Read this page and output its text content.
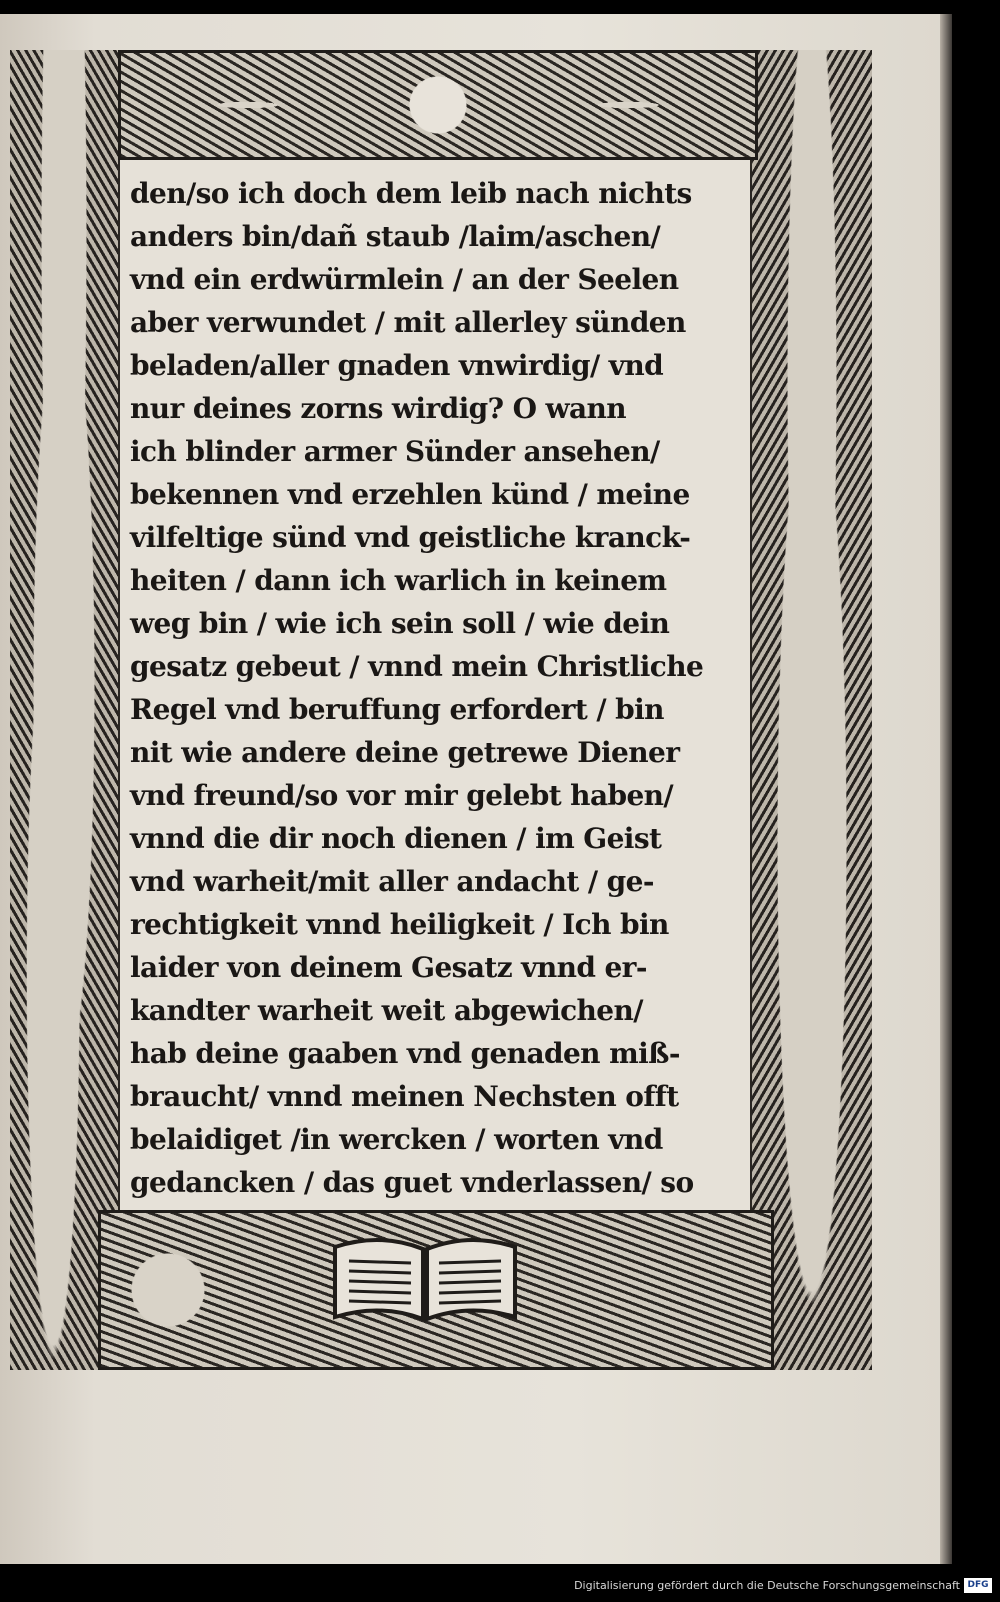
den/so ich doch dem leib nach nichts
anders bin/dañ staub /laim/aschen/
vnd ein erdwürmlein / an der Seelen
aber verwundet / mit allerley sünden
beladen/aller gnaden vnwirdig/ vnd
nur deines zorns wirdig? O wann
ich blinder armer Sünder ansehen/
bekennen vnd erzehlen künd / meine
vilfeltige sünd vnd geistliche kranck-
heiten / dann ich warlich in keinem
weg bin / wie ich sein soll / wie dein
gesatz gebeut / vnnd mein Christliche
Regel vnd beruffung erfordert / bin
nit wie andere deine getrewe Diener
vnd freund/so vor mir gelebt haben/
vnnd die dir noch dienen / im Geist
vnd warheit/mit aller andacht / ge-
rechtigkeit vnnd heiligkeit / Ich bin
laider von deinem Gesatz vnnd er-
kandter warheit weit abgewichen/
hab deine gaaben vnd genaden miß-
braucht/ vnnd meinen Nechsten offt
belaidiget /in wercken / worten vnd
gedancken / das guet vnderlassen/ so
Digitalisierung gefördert durch die Deutsche Forschungsgemeinschaft DFG
